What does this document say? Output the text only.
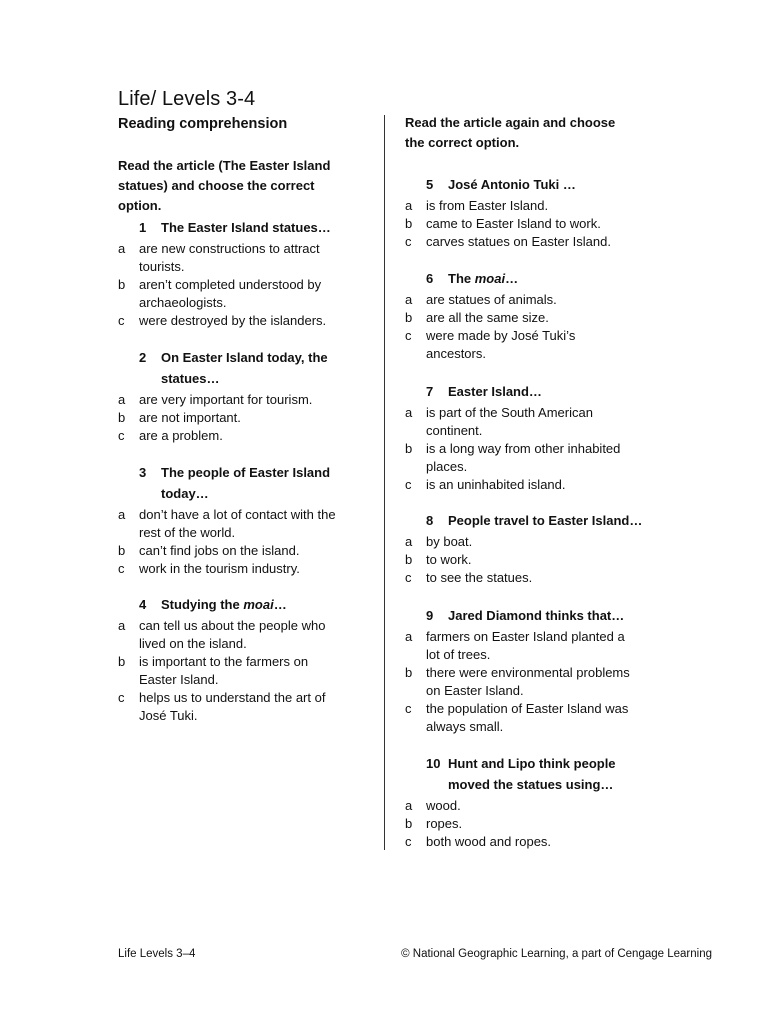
Life/ Levels 3-4
Reading comprehension
Read the article (The Easter Island statues) and choose the correct option.
Read the article again and choose the correct option.
1	The Easter Island statues…
a	are new constructions to attract tourists.
b	aren’t completed understood by archaeologists.
c	were destroyed by the islanders.
2	On Easter Island today, the statues…
a	are very important for tourism.
b	are not important.
c	are a problem.
3	The people of Easter Island today…
a	don’t have a lot of contact with the rest of the world.
b	can’t find jobs on the island.
c	work in the tourism industry.
4	Studying the moai…
a	can tell us about the people who lived on the island.
b	is important to the farmers on Easter Island.
c	helps us to understand the art of José Tuki.
5	José Antonio Tuki …
a	is from Easter Island.
b	came to Easter Island to work.
c	carves statues on Easter Island.
6	The moai…
a	are statues of animals.
b	are all the same size.
c	were made by José Tuki’s ancestors.
7	Easter Island…
a	is part of the South American continent.
b	is a long way from other inhabited places.
c	is an uninhabited island.
8	People travel to Easter Island…
a	by boat.
b	to work.
c	to see the statues.
9	Jared Diamond thinks that…
a	farmers on Easter Island planted a lot of trees.
b	there were environmental problems on Easter Island.
c	the population of Easter Island was always small.
10 Hunt and Lipo think people moved the statues using…
a	wood.
b	ropes.
c	both wood and ropes.
Life Levels 3–4	© National Geographic Learning, a part of Cengage Learning
